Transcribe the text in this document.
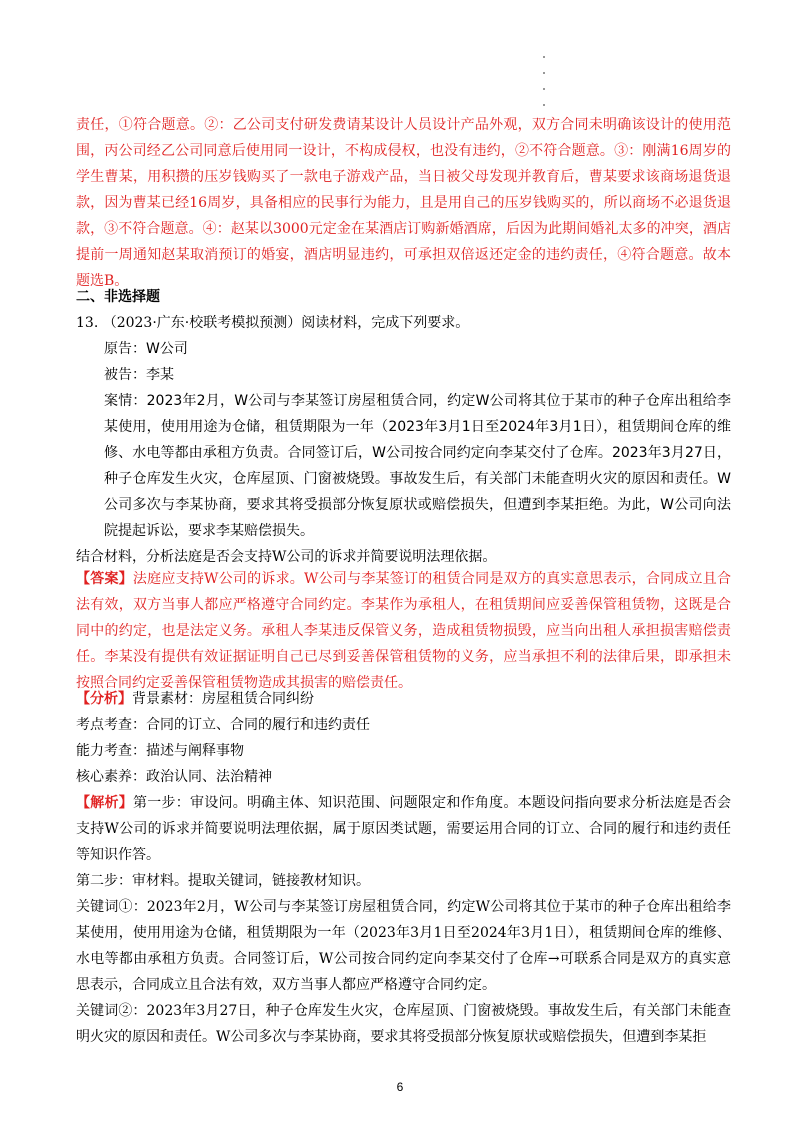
责任，①符合题意。②：乙公司支付研发费请某设计人员设计产品外观，双方合同未明确该设计的使用范围，丙公司经乙公司同意后使用同一设计，不构成侵权，也没有违约，②不符合题意。③：刚满16周岁的学生曹某，用积攒的压岁钱购买了一款电子游戏产品，当日被父母发现并教育后，曹某要求该商场退货退款，因为曹某已经16周岁，具备相应的民事行为能力，且是用自己的压岁钱购买的，所以商场不必退货退款，③不符合题意。④：赵某以3000元定金在某酒店订购新婚酒席，后因为此期间婚礼太多的冲突，酒店提前一周通知赵某取消预订的婚宴，酒店明显违约，可承担双倍返还定金的违约责任，④符合题意。故本题选B。

二、非选择题

13. （2023·广东·校联考模拟预测）阅读材料，完成下列要求。

原告：W公司

被告：李某

案情：2023年2月，W公司与李某签订房屋租赁合同，约定W公司将其位于某市的种子仓库出租给李某使用，使用用途为仓储，租赁期限为一年（2023年3月1日至2024年3月1日），租赁期间仓库的维修、水电等都由承租方负责。合同签订后，W公司按合同约定向李某交付了仓库。2023年3月27日，种子仓库发生火灾，仓库屋顶、门窗被烧毁。事故发生后，有关部门未能查明火灾的原因和责任。W公司多次与李某协商，要求其将受损部分恢复原状或赔偿损失，但遭到李某拒绝。为此，W公司向法院提起诉讼，要求李某赔偿损失。

结合材料，分析法庭是否会支持W公司的诉求并简要说明法理依据。

【答案】法庭应支持W公司的诉求。W公司与李某签订的租赁合同是双方的真实意思表示，合同成立且合法有效，双方当事人都应严格遵守合同约定。李某作为承租人，在租赁期间应妥善保管租赁物，这既是合同中的约定，也是法定义务。承租人李某违反保管义务，造成租赁物损毁，应当向出租人承担损害赔偿责任。李某没有提供有效证据证明自己已尽到妥善保管租赁物的义务，应当承担不利的法律后果，即承担未按照合同约定妥善保管租赁物造成其损害的赔偿责任。

【分析】背景素材：房屋租赁合同纠纷

考点考查：合同的订立、合同的履行和违约责任

能力考查：描述与阐释事物

核心素养：政治认同、法治精神

【解析】第一步：审设问。明确主体、知识范围、问题限定和作角度。本题设问指向要求分析法庭是否会支持W公司的诉求并简要说明法理依据，属于原因类试题，需要运用合同的订立、合同的履行和违约责任等知识作答。

第二步：审材料。提取关键词，链接教材知识。

关键词①：2023年2月，W公司与李某签订房屋租赁合同，约定W公司将其位于某市的种子仓库出租给李某使用，使用用途为仓储，租赁期限为一年（2023年3月1日至2024年3月1日），租赁期间仓库的维修、水电等都由承租方负责。合同签订后，W公司按合同约定向李某交付了仓库→可联系合同是双方的真实意思表示，合同成立且合法有效，双方当事人都应严格遵守合同约定。

关键词②：2023年3月27日，种子仓库发生火灾，仓库屋顶、门窗被烧毁。事故发生后，有关部门未能查明火灾的原因和责任。W公司多次与李某协商，要求其将受损部分恢复原状或赔偿损失，但遭到李某拒

6
